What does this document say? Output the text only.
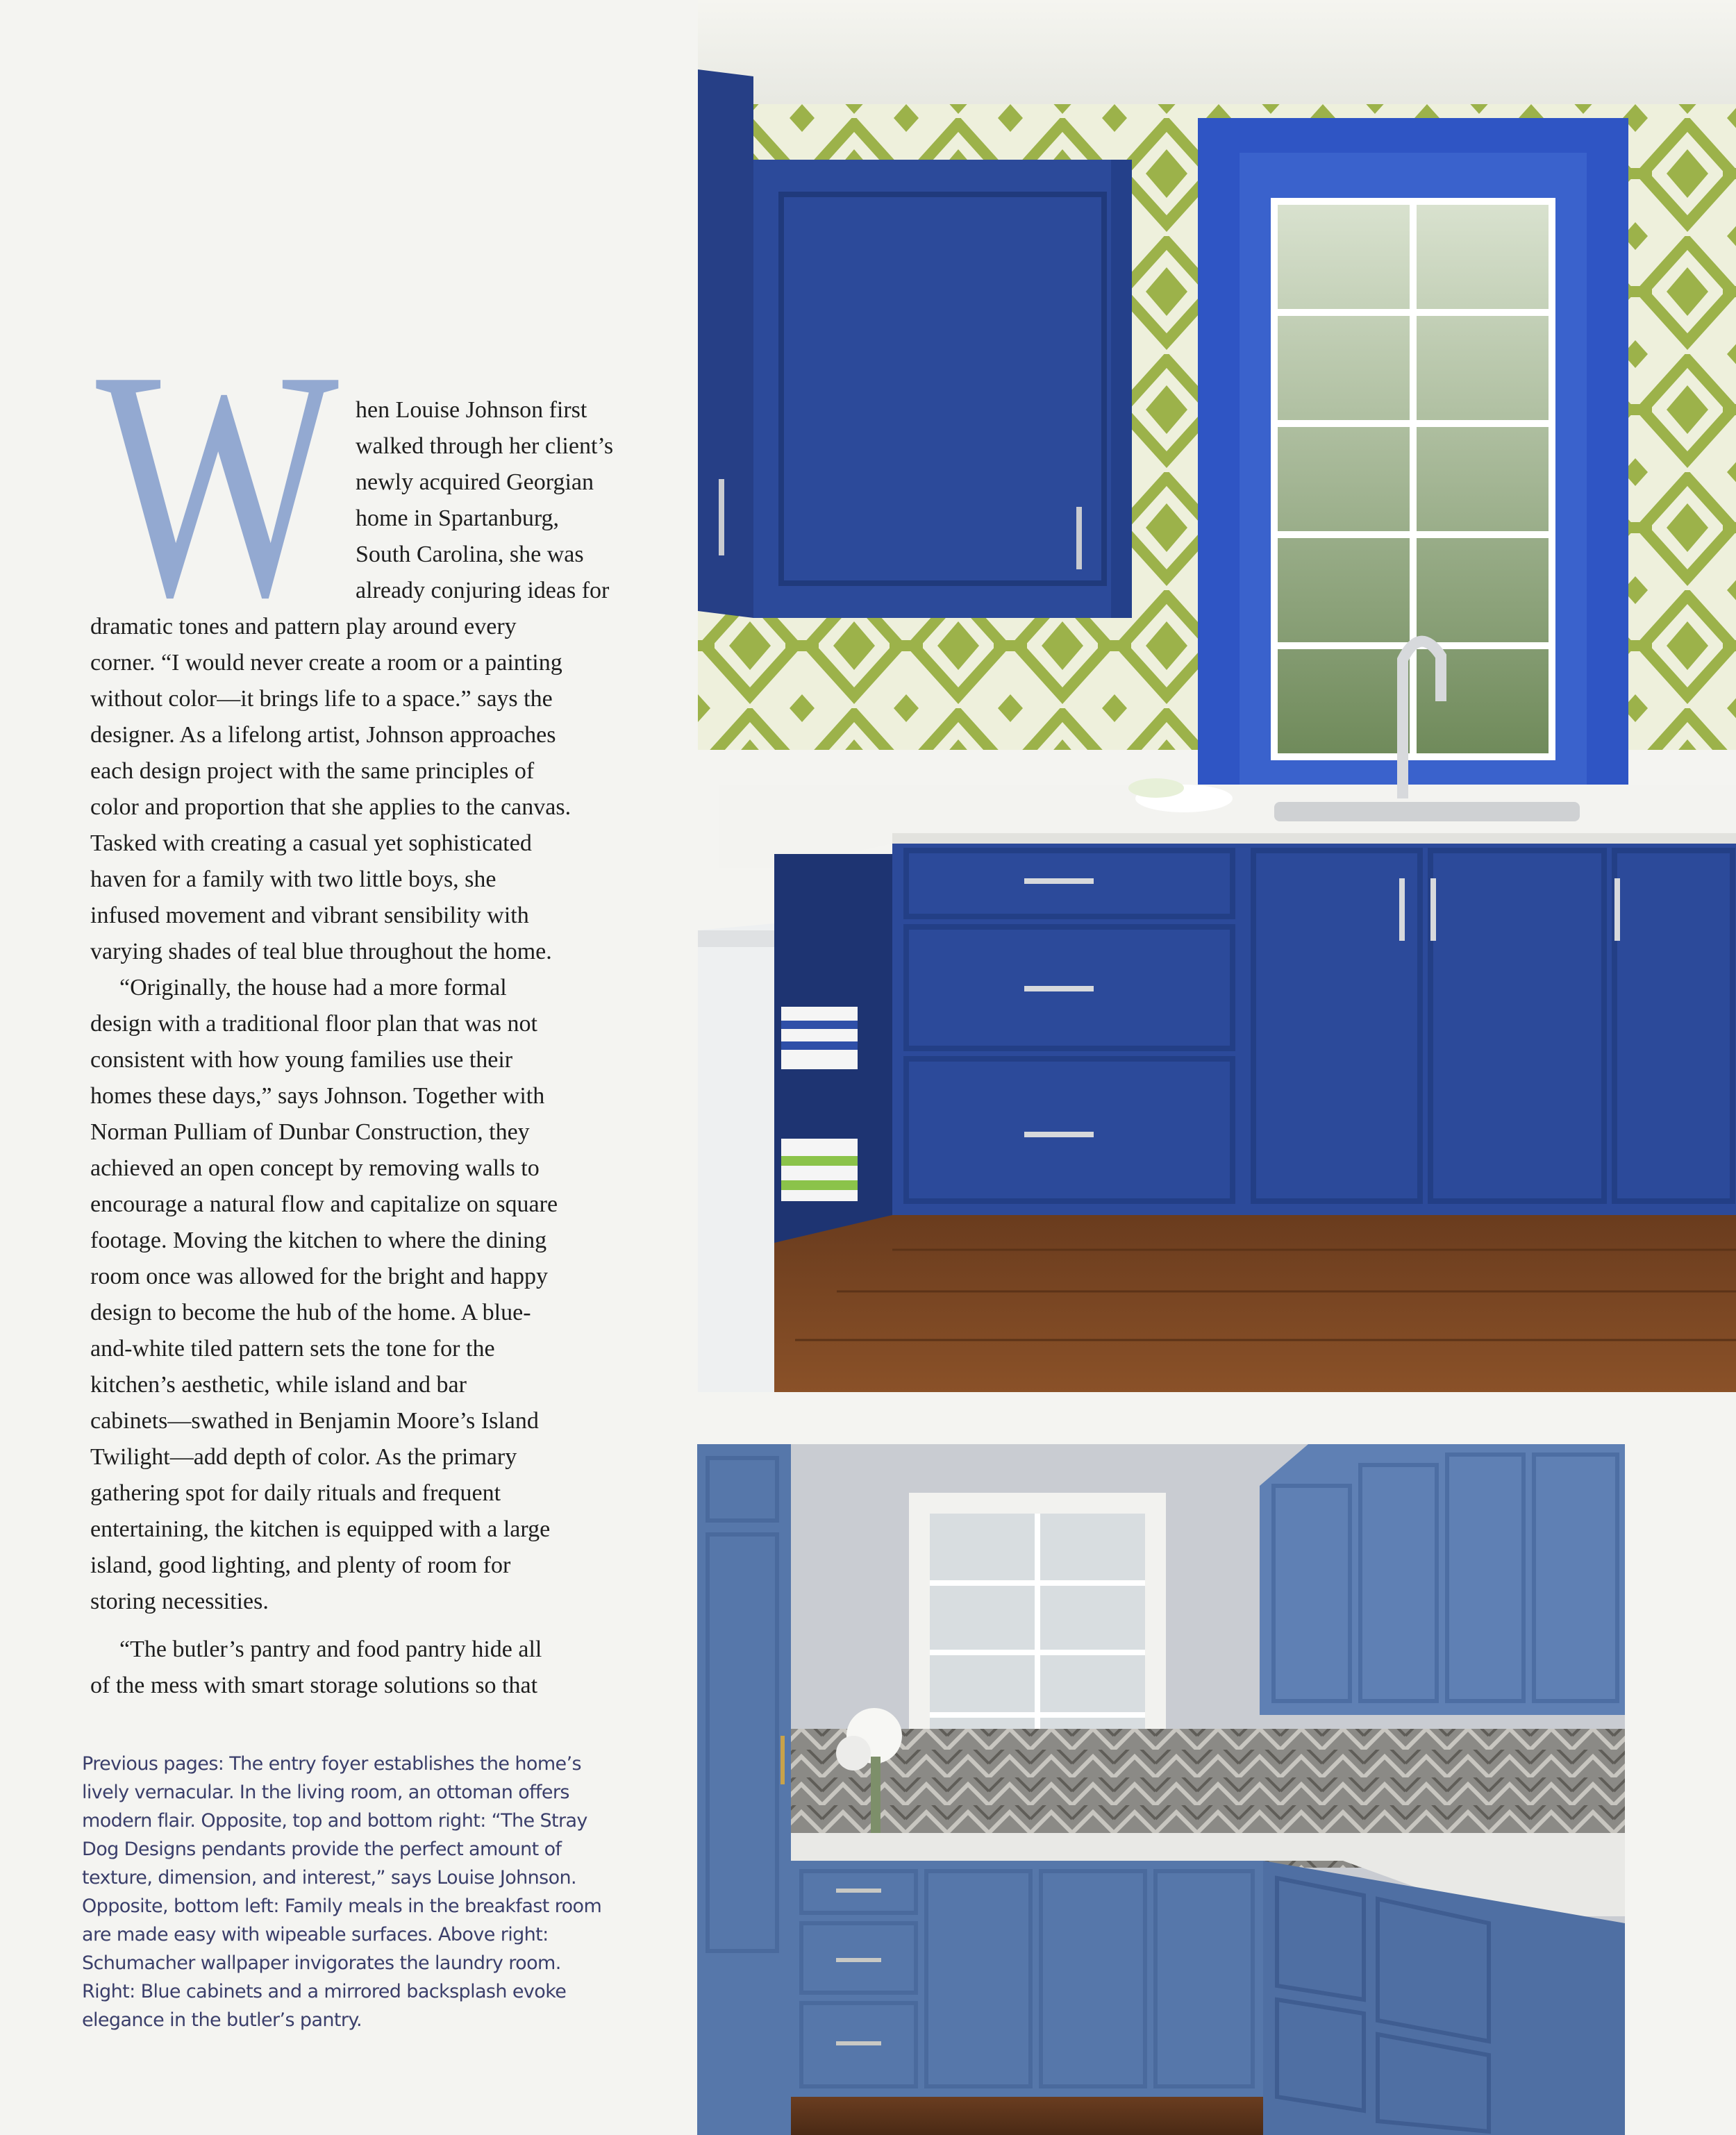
W hen Louise Johnson first
walked through her client’s
newly acquired Georgian
home in Spartanburg,
South Carolina, she was
already conjuring ideas for
dramatic tones and pattern play around every
corner. “I would never create a room or a painting
without color—it brings life to a space.” says the
designer. As a lifelong artist, Johnson approaches
each design project with the same principles of
color and proportion that she applies to the canvas.
Tasked with creating a casual yet sophisticated
haven for a family with two little boys, she
infused movement and vibrant sensibility with
varying shades of teal blue throughout the home.
“Originally, the house had a more formal
design with a traditional floor plan that was not
consistent with how young families use their
homes these days,” says Johnson. Together with
Norman Pulliam of Dunbar Construction, they
achieved an open concept by removing walls to
encourage a natural flow and capitalize on square
footage. Moving the kitchen to where the dining
room once was allowed for the bright and happy
design to become the hub of the home. A blue-
and-white tiled pattern sets the tone for the
kitchen’s aesthetic, while island and bar
cabinets—swathed in Benjamin Moore’s Island
Twilight—add depth of color. As the primary
gathering spot for daily rituals and frequent
entertaining, the kitchen is equipped with a large
island, good lighting, and plenty of room for
storing necessities.
“The butler’s pantry and food pantry hide all
of the mess with smart storage solutions so that

Previous pages: The entry foyer establishes the home’s

lively vernacular. In the living room, an ottoman offers

modern flair. Opposite, top and bottom right: “The Stray

Dog Designs pendants provide the perfect amount of

texture, dimension, and interest,” says Louise Johnson.

Opposite, bottom left: Family meals in the breakfast room

are made easy with wipeable surfaces. Above right:

Schumacher wallpaper invigorates the laundry room.

Right: Blue cabinets and a mirrored backsplash evoke

elegance in the butler’s pantry.
